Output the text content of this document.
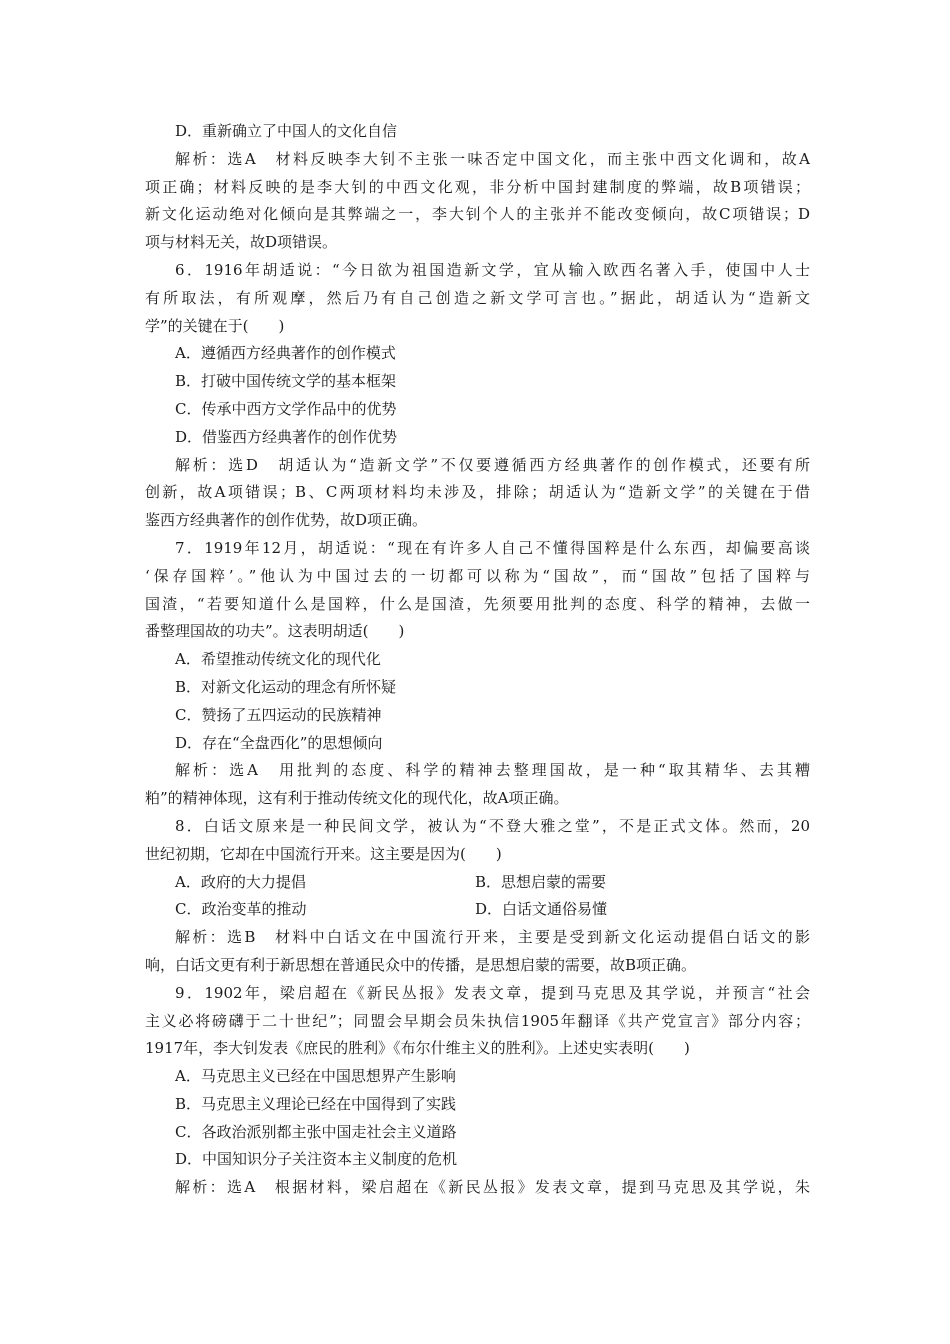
D．重新确立了中国人的文化自信
解析：选A　材料反映李大钊不主张一味否定中国文化，而主张中西文化调和，故A
项正确；材料反映的是李大钊的中西文化观，非分析中国封建制度的弊端，故B项错误；
新文化运动绝对化倾向是其弊端之一，李大钊个人的主张并不能改变倾向，故C项错误；D
项与材料无关，故D项错误。
6．1916年胡适说：“今日欲为祖国造新文学，宜从输入欧西名著入手，使国中人士
有所取法，有所观摩，然后乃有自己创造之新文学可言也。”据此，胡适认为“造新文
学”的关键在于(　　)
A．遵循西方经典著作的创作模式
B．打破中国传统文学的基本框架
C．传承中西方文学作品中的优势
D．借鉴西方经典著作的创作优势
解析：选D　胡适认为“造新文学”不仅要遵循西方经典著作的创作模式，还要有所
创新，故A项错误；B、C两项材料均未涉及，排除；胡适认为“造新文学”的关键在于借
鉴西方经典著作的创作优势，故D项正确。
7．1919年12月，胡适说：“现在有许多人自己不懂得国粹是什么东西，却偏要高谈
‘保存国粹’。”他认为中国过去的一切都可以称为“国故”，而“国故”包括了国粹与
国渣，“若要知道什么是国粹，什么是国渣，先须要用批判的态度、科学的精神，去做一
番整理国故的功夫”。这表明胡适(　　)
A．希望推动传统文化的现代化
B．对新文化运动的理念有所怀疑
C．赞扬了五四运动的民族精神
D．存在“全盘西化”的思想倾向
解析：选A　用批判的态度、科学的精神去整理国故，是一种“取其精华、去其糟
粕”的精神体现，这有利于推动传统文化的现代化，故A项正确。
8．白话文原来是一种民间文学，被认为“不登大雅之堂”，不是正式文体。然而，20
世纪初期，它却在中国流行开来。这主要是因为(　　)
A．政府的大力提倡	B．思想启蒙的需要
C．政治变革的推动	D．白话文通俗易懂
解析：选B　材料中白话文在中国流行开来，主要是受到新文化运动提倡白话文的影
响，白话文更有利于新思想在普通民众中的传播，是思想启蒙的需要，故B项正确。
9．1902年，梁启超在《新民丛报》发表文章，提到马克思及其学说，并预言“社会
主义必将磅礴于二十世纪”；同盟会早期会员朱执信1905年翻译《共产党宣言》部分内容；
1917年，李大钊发表《庶民的胜利》《布尔什维主义的胜利》。上述史实表明(　　)
A．马克思主义已经在中国思想界产生影响
B．马克思主义理论已经在中国得到了实践
C．各政治派别都主张中国走社会主义道路
D．中国知识分子关注资本主义制度的危机
解析：选A　根据材料，梁启超在《新民丛报》发表文章，提到马克思及其学说，朱
